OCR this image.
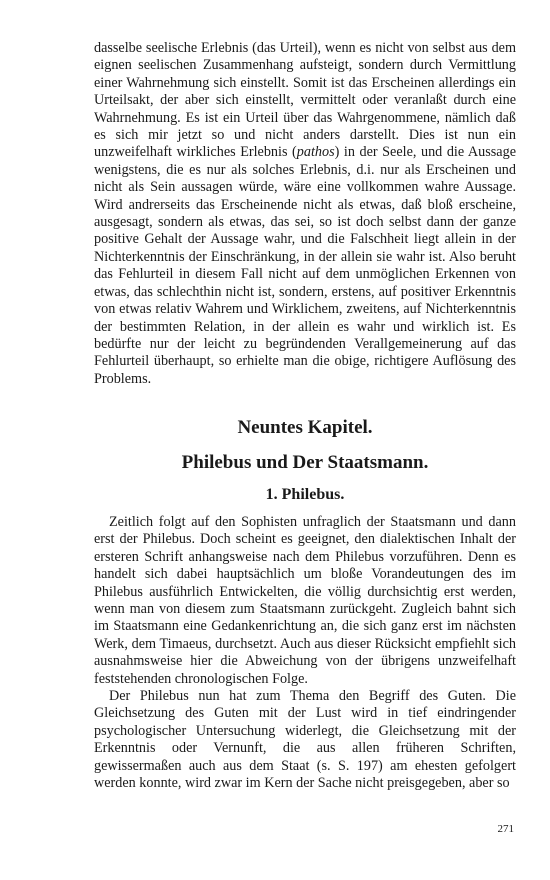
dasselbe seelische Erlebnis (das Urteil), wenn es nicht von selbst aus dem eignen seelischen Zusammenhang aufsteigt, sondern durch Vermittlung einer Wahrnehmung sich einstellt. Somit ist das Erscheinen allerdings ein Urteilsakt, der aber sich einstellt, vermittelt oder veranlaßt durch eine Wahrnehmung. Es ist ein Urteil über das Wahrgenommene, nämlich daß es sich mir jetzt so und nicht anders darstellt. Dies ist nun ein unzweifelhaft wirkliches Erlebnis (pathos) in der Seele, und die Aussage wenigstens, die es nur als solches Erlebnis, d.i. nur als Erscheinen und nicht als Sein aussagen würde, wäre eine vollkommen wahre Aussage. Wird andrerseits das Erscheinende nicht als etwas, daß bloß erscheine, ausgesagt, sondern als etwas, das sei, so ist doch selbst dann der ganze positive Gehalt der Aussage wahr, und die Falschheit liegt allein in der Nichterkenntnis der Einschränkung, in der allein sie wahr ist. Also beruht das Fehlurteil in diesem Fall nicht auf dem unmöglichen Erkennen von etwas, das schlechthin nicht ist, sondern, erstens, auf positiver Erkenntnis von etwas relativ Wahrem und Wirklichem, zweitens, auf Nichterkenntnis der bestimmten Relation, in der allein es wahr und wirklich ist. Es bedürfte nur der leicht zu begründenden Verallgemeinerung auf das Fehlurteil überhaupt, so erhielte man die obige, richtigere Auflösung des Problems.

Neuntes Kapitel.
Philebus und Der Staatsmann.
1. Philebus.

Zeitlich folgt auf den Sophisten unfraglich der Staatsmann und dann erst der Philebus. Doch scheint es geeignet, den dialektischen Inhalt der ersteren Schrift anhangsweise nach dem Philebus vorzuführen. Denn es handelt sich dabei hauptsächlich um bloße Vorandeutungen des im Philebus ausführlich Entwickelten, die völlig durchsichtig erst werden, wenn man von diesem zum Staatsmann zurückgeht. Zugleich bahnt sich im Staatsmann eine Gedankenrichtung an, die sich ganz erst im nächsten Werk, dem Timaeus, durchsetzt. Auch aus dieser Rücksicht empfiehlt sich ausnahmsweise hier die Abweichung von der übrigens unzweifelhaft feststehenden chronologischen Folge.

Der Philebus nun hat zum Thema den Begriff des Guten. Die Gleichsetzung des Guten mit der Lust wird in tief eindringender psychologischer Untersuchung widerlegt, die Gleichsetzung mit der Erkenntnis oder Vernunft, die aus allen früheren Schriften, gewissermaßen auch aus dem Staat (s. S. 197) am ehesten gefolgert werden konnte, wird zwar im Kern der Sache nicht preisgegeben, aber so

271
